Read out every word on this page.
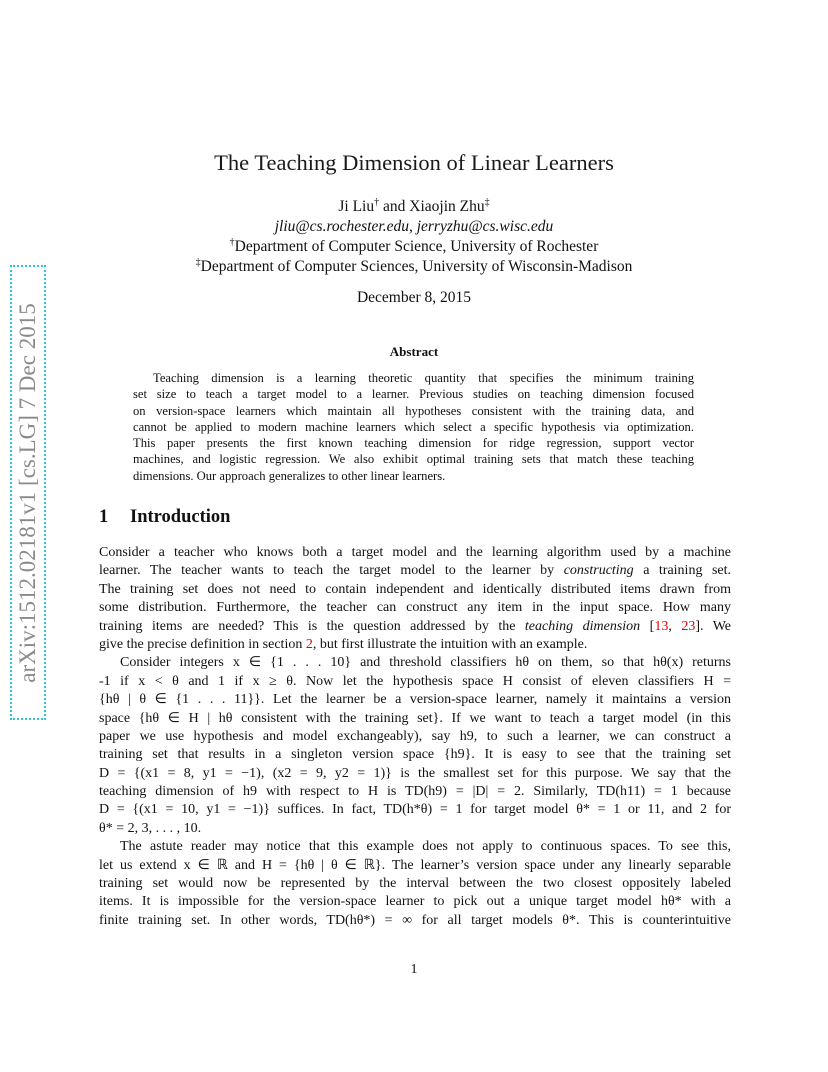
arXiv:1512.02181v1 [cs.LG] 7 Dec 2015
The Teaching Dimension of Linear Learners
Ji Liu† and Xiaojin Zhu‡
jliu@cs.rochester.edu, jerryzhu@cs.wisc.edu
†Department of Computer Science, University of Rochester
‡Department of Computer Sciences, University of Wisconsin-Madison
December 8, 2015
Abstract
Teaching dimension is a learning theoretic quantity that specifies the minimum training
set size to teach a target model to a learner. Previous studies on teaching dimension focused
on version-space learners which maintain all hypotheses consistent with the training data, and
cannot be applied to modern machine learners which select a specific hypothesis via optimization.
This paper presents the first known teaching dimension for ridge regression, support vector
machines, and logistic regression. We also exhibit optimal training sets that match these teaching
dimensions. Our approach generalizes to other linear learners.
1 Introduction
Consider a teacher who knows both a target model and the learning algorithm used by a machine
learner. The teacher wants to teach the target model to the learner by constructing a training set.
The training set does not need to contain independent and identically distributed items drawn from
some distribution. Furthermore, the teacher can construct any item in the input space. How many
training items are needed? This is the question addressed by the teaching dimension [13, 23]. We
give the precise definition in section 2, but first illustrate the intuition with an example.
Consider integers x ∈ {1 . . . 10} and threshold classifiers hθ on them, so that hθ(x) returns
-1 if x < θ and 1 if x ≥ θ. Now let the hypothesis space H consist of eleven classifiers H =
{hθ | θ ∈ {1 . . . 11}}. Let the learner be a version-space learner, namely it maintains a version
space {hθ ∈ H | hθ consistent with the training set}. If we want to teach a target model (in this
paper we use hypothesis and model exchangeably), say h9, to such a learner, we can construct a
training set that results in a singleton version space {h9}. It is easy to see that the training set
D = {(x1 = 8, y1 = −1), (x2 = 9, y2 = 1)} is the smallest set for this purpose. We say that the
teaching dimension of h9 with respect to H is TD(h9) = |D| = 2. Similarly, TD(h11) = 1 because
D = {(x1 = 10, y1 = −1)} suffices. In fact, TD(h*θ) = 1 for target model θ* = 1 or 11, and 2 for
θ* = 2, 3, . . . , 10.
The astute reader may notice that this example does not apply to continuous spaces. To see this,
let us extend x ∈ ℝ and H = {hθ | θ ∈ ℝ}. The learner’s version space under any linearly separable
training set would now be represented by the interval between the two closest oppositely labeled
items. It is impossible for the version-space learner to pick out a unique target model hθ* with a
finite training set. In other words, TD(hθ*) = ∞ for all target models θ*. This is counterintuitive
1
